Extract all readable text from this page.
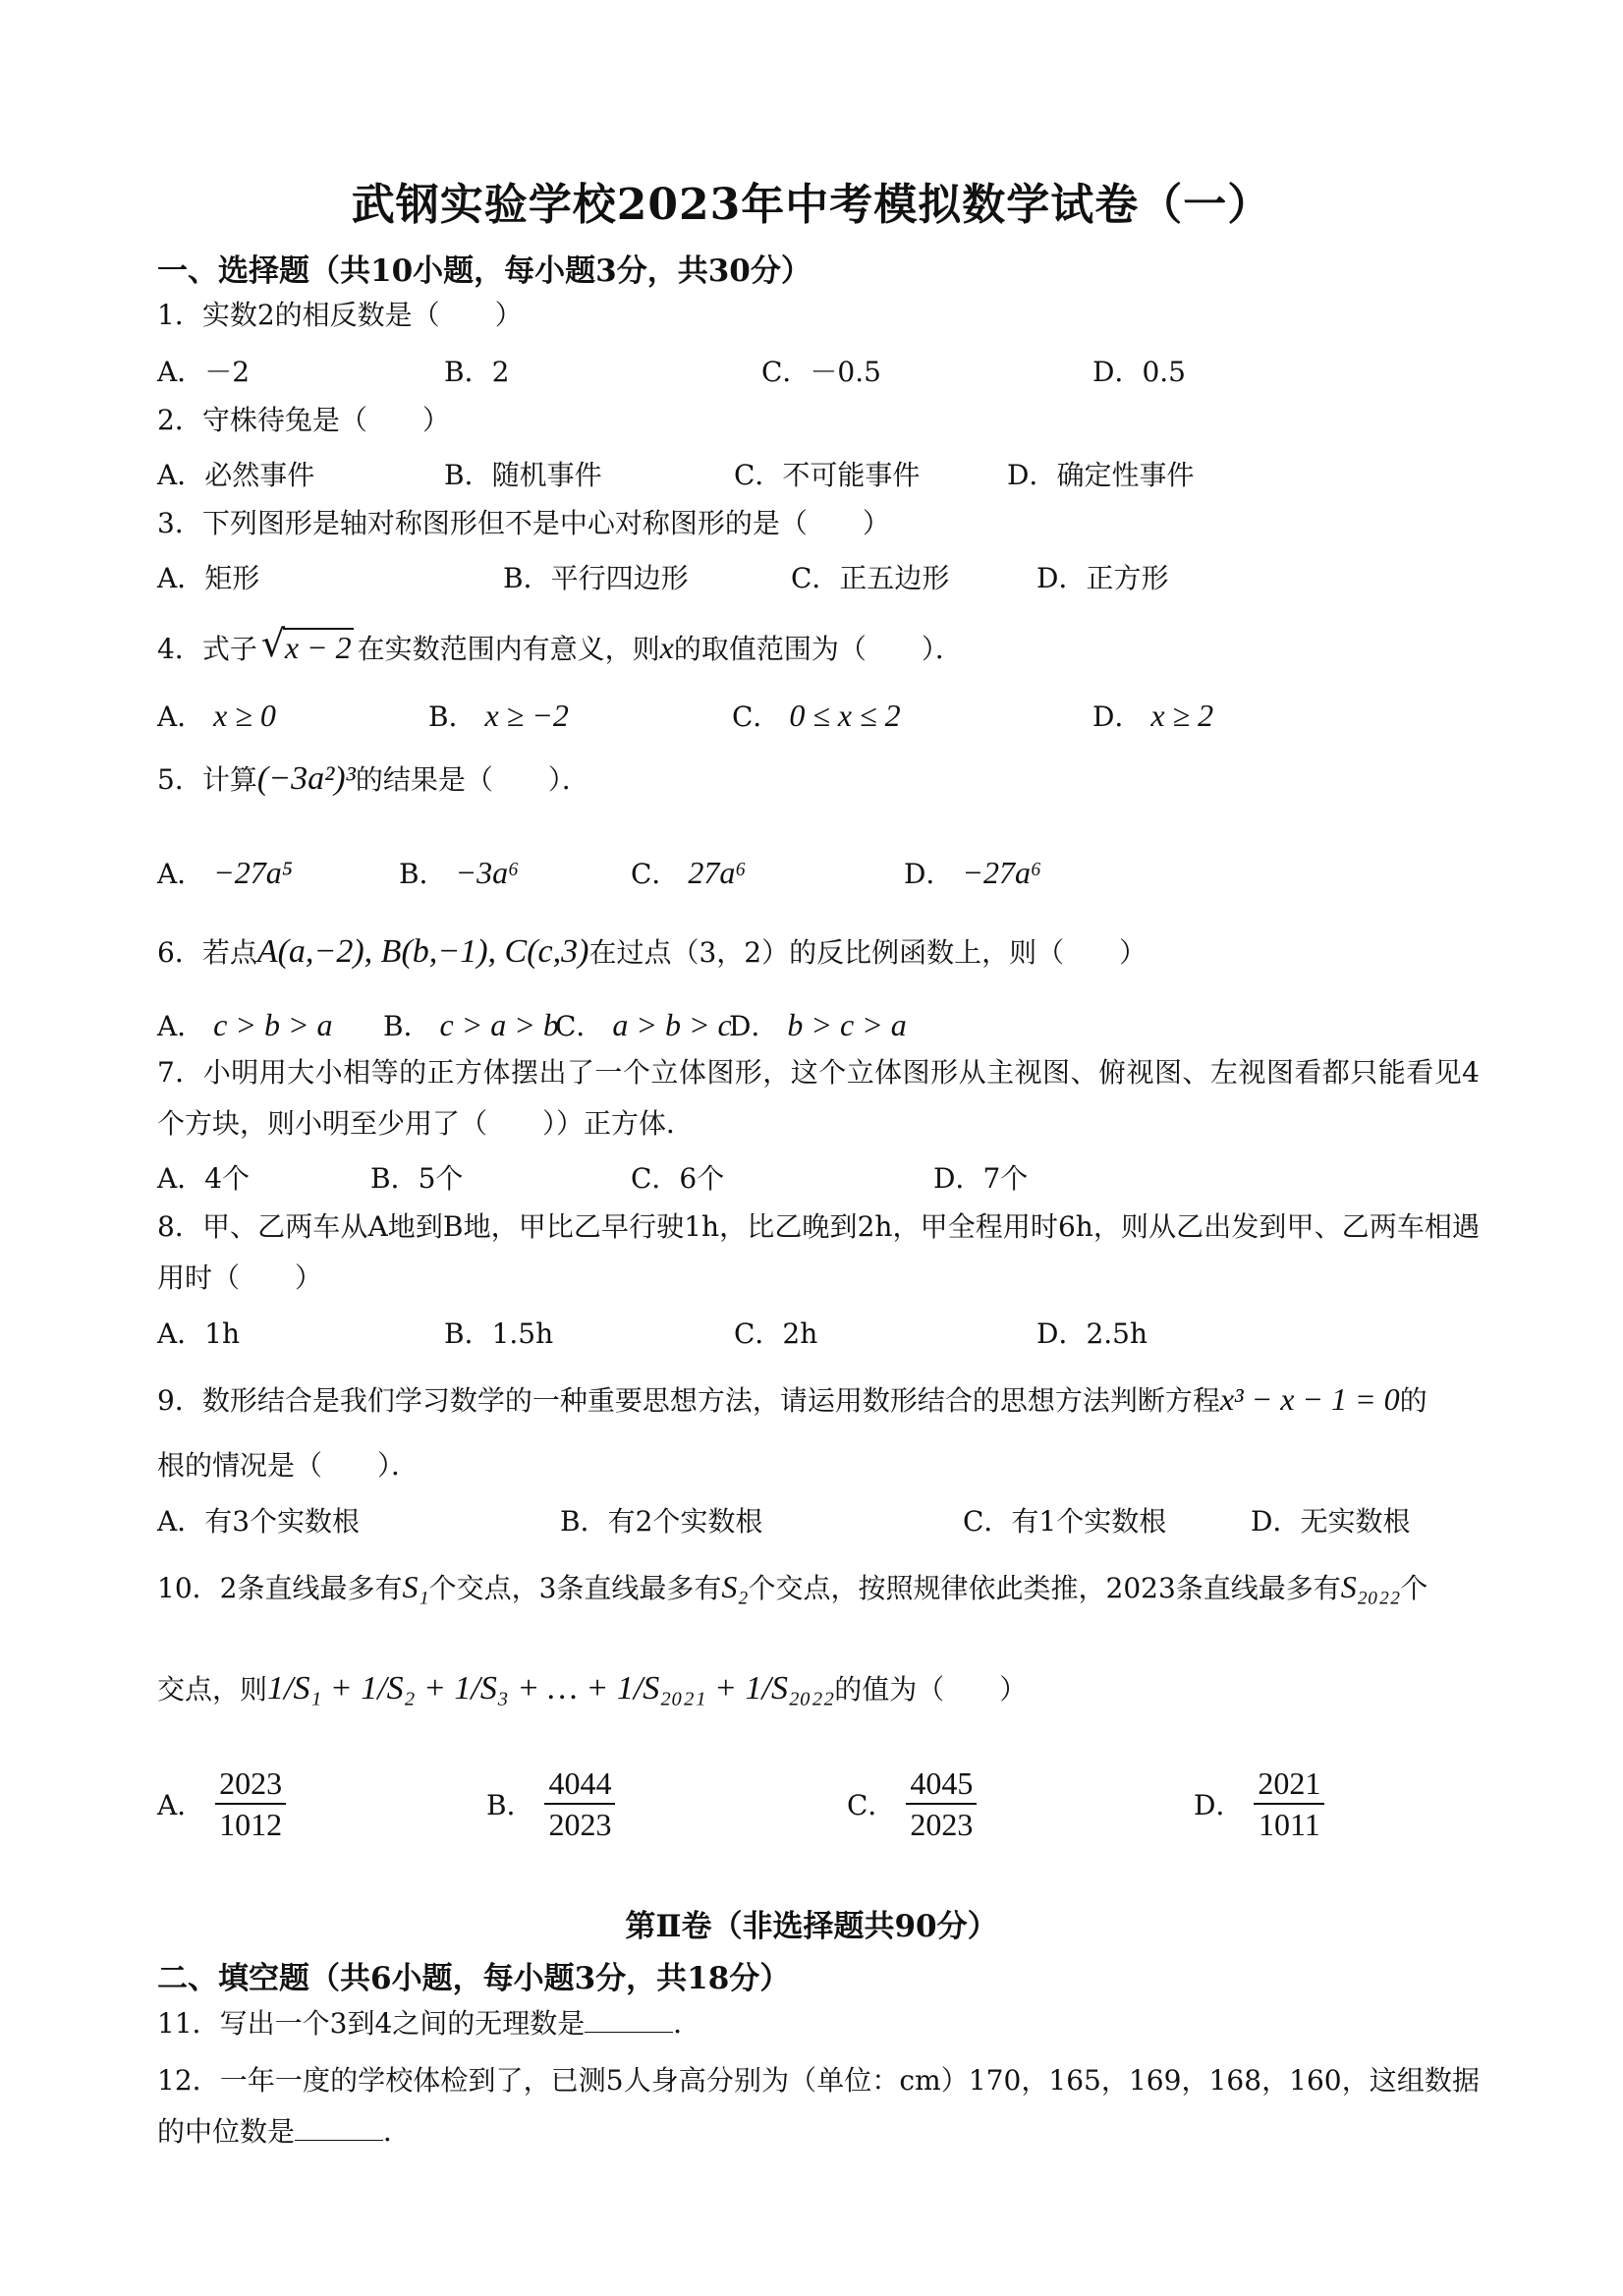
武钢实验学校2023年中考模拟数学试卷（一）
一、选择题（共10小题，每小题3分，共30分）
1．实数2的相反数是（　　）
A．－2	B．2	C．－0.5	D．0.5
2．守株待兔是（　　）
A．必然事件	B．随机事件	C．不可能事件	D．确定性事件
3．下列图形是轴对称图形但不是中心对称图形的是（　　）
A．矩形	B．平行四边形	C．正五边形	D．正方形
4．式子 √ x − 2 在实数范围内有意义，则x的取值范围为（　　）．
A． x ≥ 0	B． x ≥ −2	C． 0 ≤ x ≤ 2	D． x ≥ 2
5．计算(−3a²)³的结果是（　　）．
A． −27a⁵	B． −3a⁶	C． 27a⁶	D． −27a⁶
6．若点A(a,−2), B(b,−1), C(c,3)在过点（3，2）的反比例函数上，则（　　）
A． c > b > a B． c > a > b
C． a > b > c
D． b > c > a
7．小明用大小相等的正方体摆出了一个立体图形，这个立体图形从主视图、俯视图、左视图看都只能看见4个方块，则小明至少用了（　　））正方体．
A．4个	B．5个	C．6个	D．7个
8．甲、乙两车从A地到B地，甲比乙早行驶1h，比乙晚到2h，甲全程用时6h，则从乙出发到甲、乙两车相遇用时（　　）
A．1h	B．1.5h	C．2h	D．2.5h
9．数形结合是我们学习数学的一种重要思想方法，请运用数形结合的思想方法判断方程x³ − x − 1 = 0的
根的情况是（　　）．
A．有3个实数根	B．有2个实数根	C．有1个实数根	D．无实数根
10．2条直线最多有S₁个交点，3条直线最多有S₂个交点，按照规律依此类推，2023条直线最多有S₂₀₂₂个
交点，则1/S₁ + 1/S₂ + 1/S₃ + … + 1/S₂₀₂₁ + 1/S₂₀₂₂的值为（　　）
A． $\frac{2023}{1012}$	B． $\frac{4044}{2023}$	C． $\frac{4045}{2023}$	D． $\frac{2021}{1011}$
第Ⅱ卷（非选择题共90分）
二、填空题（共6小题，每小题3分，共18分）
11．写出一个3到4之间的无理数是	．
12．一年一度的学校体检到了，已测5人身高分别为（单位：cm）170，165，169，168，160，这组数据的中位数是	．
